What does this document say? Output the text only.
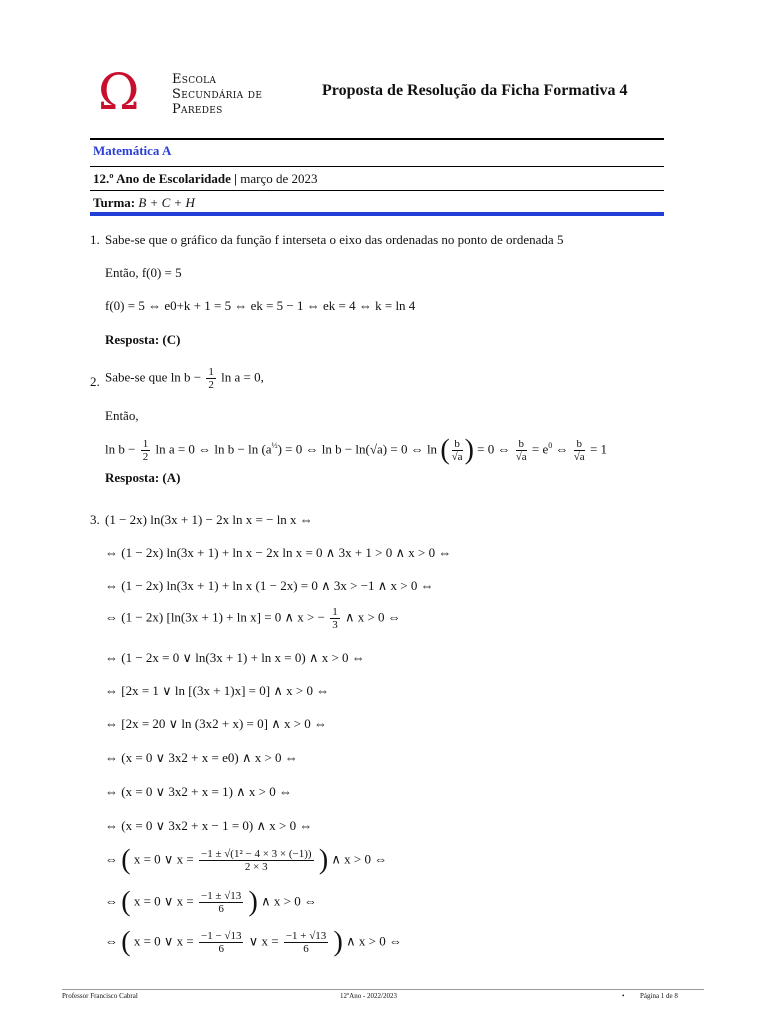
Ω	Escola
Secundária de
Paredes
Proposta de Resolução da Ficha Formativa 4
Matemática A
12.º Ano de Escolaridade | março de 2023
Turma: B + C + H
1. Sabe-se que o gráfico da função f interseta o eixo das ordenadas no ponto de ordenada 5
Então, f(0) = 5
f(0) = 5 ⇔ e0+k + 1 = 5 ⇔ ek = 5 − 1 ⇔ ek = 4 ⇔ k = ln 4
Resposta: (C)
2. Sabe-se que $\ln b - \frac{1}{2}$ ln a = 0,
Então,
$\ln b - \frac{1}{2}$ ln a = 0 ⇔ $\ln b - \ln (a^{\frac{1}{2}}) = 0$ ⇔ ln b − ln(√a) = 0 ⇔ ln ( $\frac{b}{√a}$ ) = 0 ⇔ $\frac{b}{√a} = e^0$ ⇔ $\frac{b}{√a} = 1$
Resposta: (A)
3. (1 − 2x) ln(3x + 1) − 2x ln x = − ln x ⇔
⇔ (1 − 2x) ln(3x + 1) + ln x − 2x ln x = 0 ∧ 3x + 1 > 0 ∧ x > 0 ⇔
⇔ (1 − 2x) ln(3x + 1) + ln x (1 − 2x) = 0 ∧ 3x > −1 ∧ x > 0 ⇔
⇔ (1 − 2x) [ln(3x + 1) + ln x] = 0 ∧ x > − $\frac{1}{3}$ ∧ x > 0 ⇔
⇔ (1 − 2x = 0 ∨ ln(3x + 1) + ln x = 0) ∧ x > 0 ⇔
⇔ [2x = 1 ∨ ln [(3x + 1)x] = 0] ∧ x > 0 ⇔
⇔ [2x = 20 ∨ ln (3x2 + x) = 0] ∧ x > 0 ⇔
⇔ (x = 0 ∨ 3x2 + x = e0) ∧ x > 0 ⇔
⇔ (x = 0 ∨ 3x2 + x = 1) ∧ x > 0 ⇔
⇔ (x = 0 ∨ 3x2 + x − 1 = 0) ∧ x > 0 ⇔
⇔ ( x = 0 ∨ $x = \frac{\text{−1 ± √(1² − 4 × 3 × (−1))}}{2 \times 3}$ ) ∧ x > 0 ⇔
⇔ ( x = 0 ∨ $x = \frac{-1 \pm √13}{6}$ ) ∧ x > 0 ⇔
⇔ ( x = 0 ∨ $x = \frac{-1 - √13}{6}$ ∨ $x = \frac{-1 + √13}{6}$ ) ∧ x > 0 ⇔
Professor Francisco Cabral	12ºAno - 2022/2023	• Página 1 de 8
